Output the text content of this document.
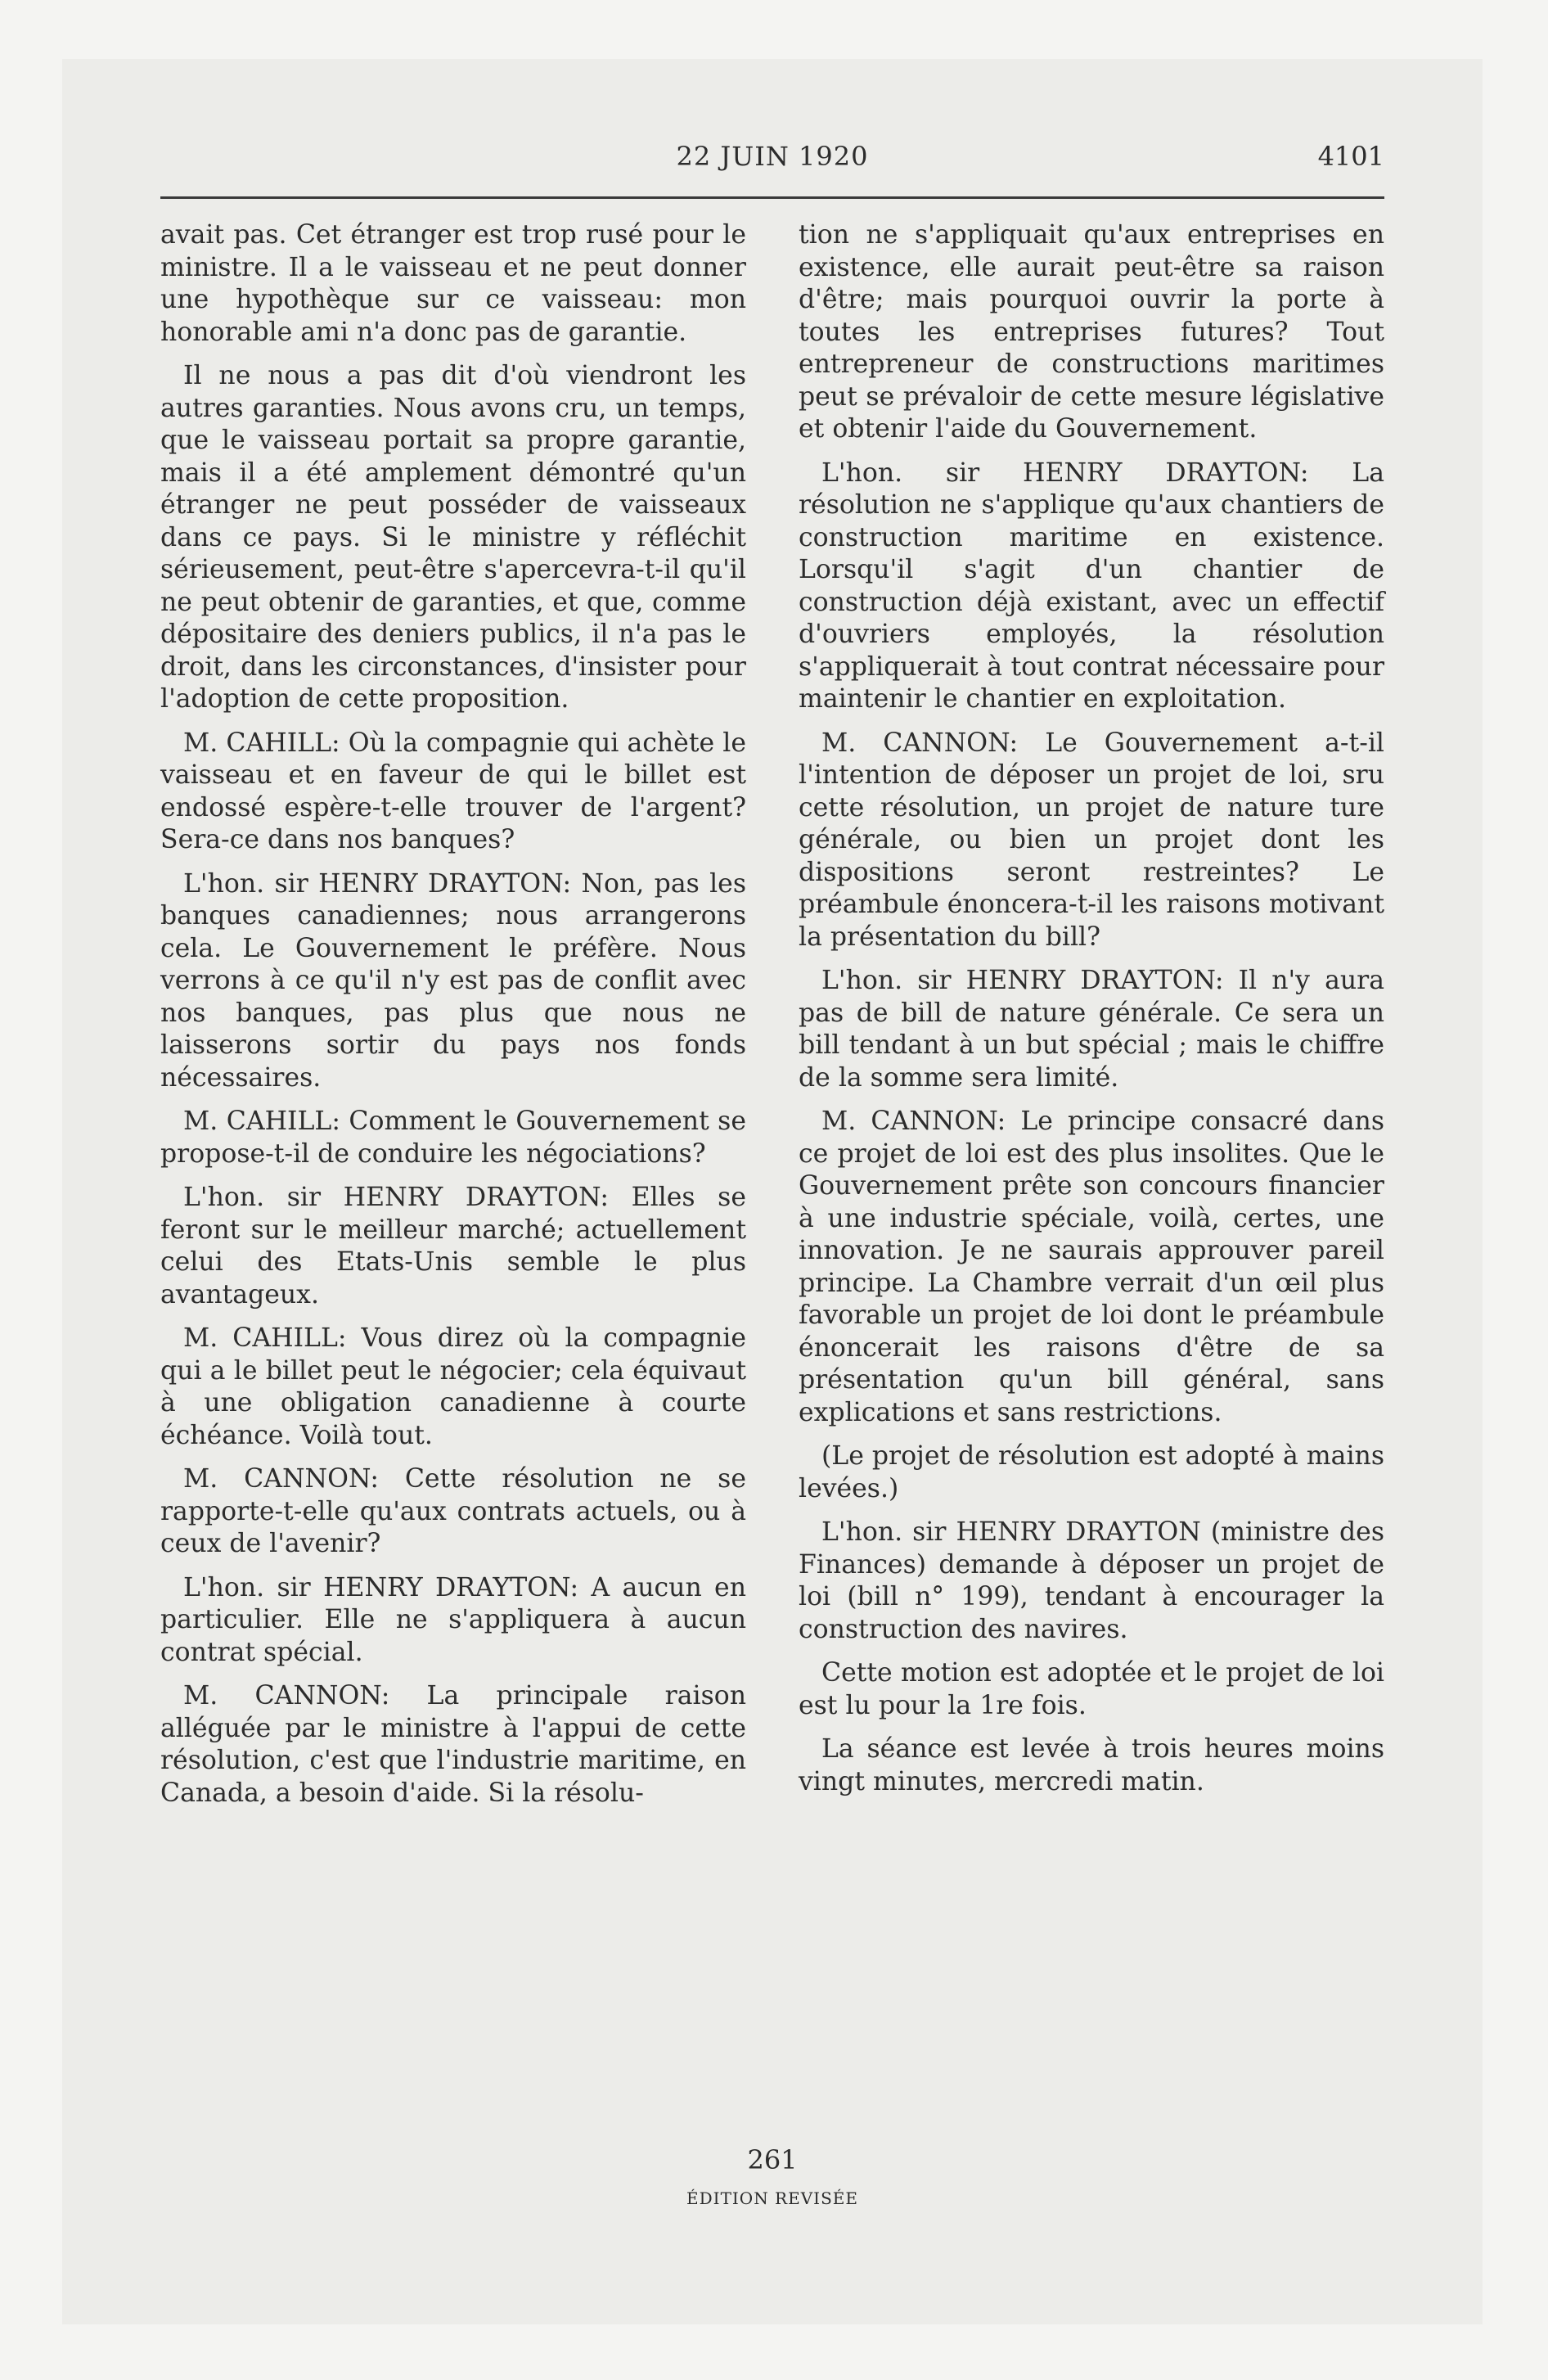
22 JUIN 1920	4101

avait pas. Cet étranger est trop rusé pour le ministre. Il a le vaisseau et ne peut donner une hypothèque sur ce vaisseau: mon honorable ami n'a donc pas de garantie.

Il ne nous a pas dit d'où viendront les autres garanties. Nous avons cru, un temps, que le vaisseau portait sa propre garantie, mais il a été amplement démontré qu'un étranger ne peut posséder de vaisseaux dans ce pays. Si le ministre y réfléchit sérieusement, peut-être s'apercevra-t-il qu'il ne peut obtenir de garanties, et que, comme dépositaire des deniers publics, il n'a pas le droit, dans les circonstances, d'insister pour l'adoption de cette proposition.

M. CAHILL: Où la compagnie qui achète le vaisseau et en faveur de qui le billet est endossé espère-t-elle trouver de l'argent? Sera-ce dans nos banques?

L'hon. sir HENRY DRAYTON: Non, pas les banques canadiennes; nous arrangerons cela. Le Gouvernement le préfère. Nous verrons à ce qu'il n'y est pas de conflit avec nos banques, pas plus que nous ne laisserons sortir du pays nos fonds nécessaires.

M. CAHILL: Comment le Gouvernement se propose-t-il de conduire les négociations?

L'hon. sir HENRY DRAYTON: Elles se feront sur le meilleur marché; actuellement celui des Etats-Unis semble le plus avantageux.

M. CAHILL: Vous direz où la compagnie qui a le billet peut le négocier; cela équivaut à une obligation canadienne à courte échéance. Voilà tout.

M. CANNON: Cette résolution ne se rapporte-t-elle qu'aux contrats actuels, ou à ceux de l'avenir?

L'hon. sir HENRY DRAYTON: A aucun en particulier. Elle ne s'appliquera à aucun contrat spécial.

M. CANNON: La principale raison alléguée par le ministre à l'appui de cette résolution, c'est que l'industrie maritime, en Canada, a besoin d'aide. Si la résolu-

tion ne s'appliquait qu'aux entreprises en existence, elle aurait peut-être sa raison d'être; mais pourquoi ouvrir la porte à toutes les entreprises futures? Tout entrepreneur de constructions maritimes peut se prévaloir de cette mesure législative et obtenir l'aide du Gouvernement.

L'hon. sir HENRY DRAYTON: La résolution ne s'applique qu'aux chantiers de construction maritime en existence. Lorsqu'il s'agit d'un chantier de construction déjà existant, avec un effectif d'ouvriers employés, la résolution s'appliquerait à tout contrat nécessaire pour maintenir le chantier en exploitation.

M. CANNON: Le Gouvernement a-t-il l'intention de déposer un projet de loi, sru cette résolution, un projet de nature ture générale, ou bien un projet dont les dispositions seront restreintes? Le préambule énoncera-t-il les raisons motivant la présentation du bill?

L'hon. sir HENRY DRAYTON: Il n'y aura pas de bill de nature générale. Ce sera un bill tendant à un but spécial ; mais le chiffre de la somme sera limité.

M. CANNON: Le principe consacré dans ce projet de loi est des plus insolites. Que le Gouvernement prête son concours financier à une industrie spéciale, voilà, certes, une innovation. Je ne saurais approuver pareil principe. La Chambre verrait d'un œil plus favorable un projet de loi dont le préambule énoncerait les raisons d'être de sa présentation qu'un bill général, sans explications et sans restrictions.

(Le projet de résolution est adopté à mains levées.)

L'hon. sir HENRY DRAYTON (ministre des Finances) demande à déposer un projet de loi (bill n° 199), tendant à encourager la construction des navires.

Cette motion est adoptée et le projet de loi est lu pour la 1re fois.

La séance est levée à trois heures moins vingt minutes, mercredi matin.

261
ÉDITION REVISÉE
